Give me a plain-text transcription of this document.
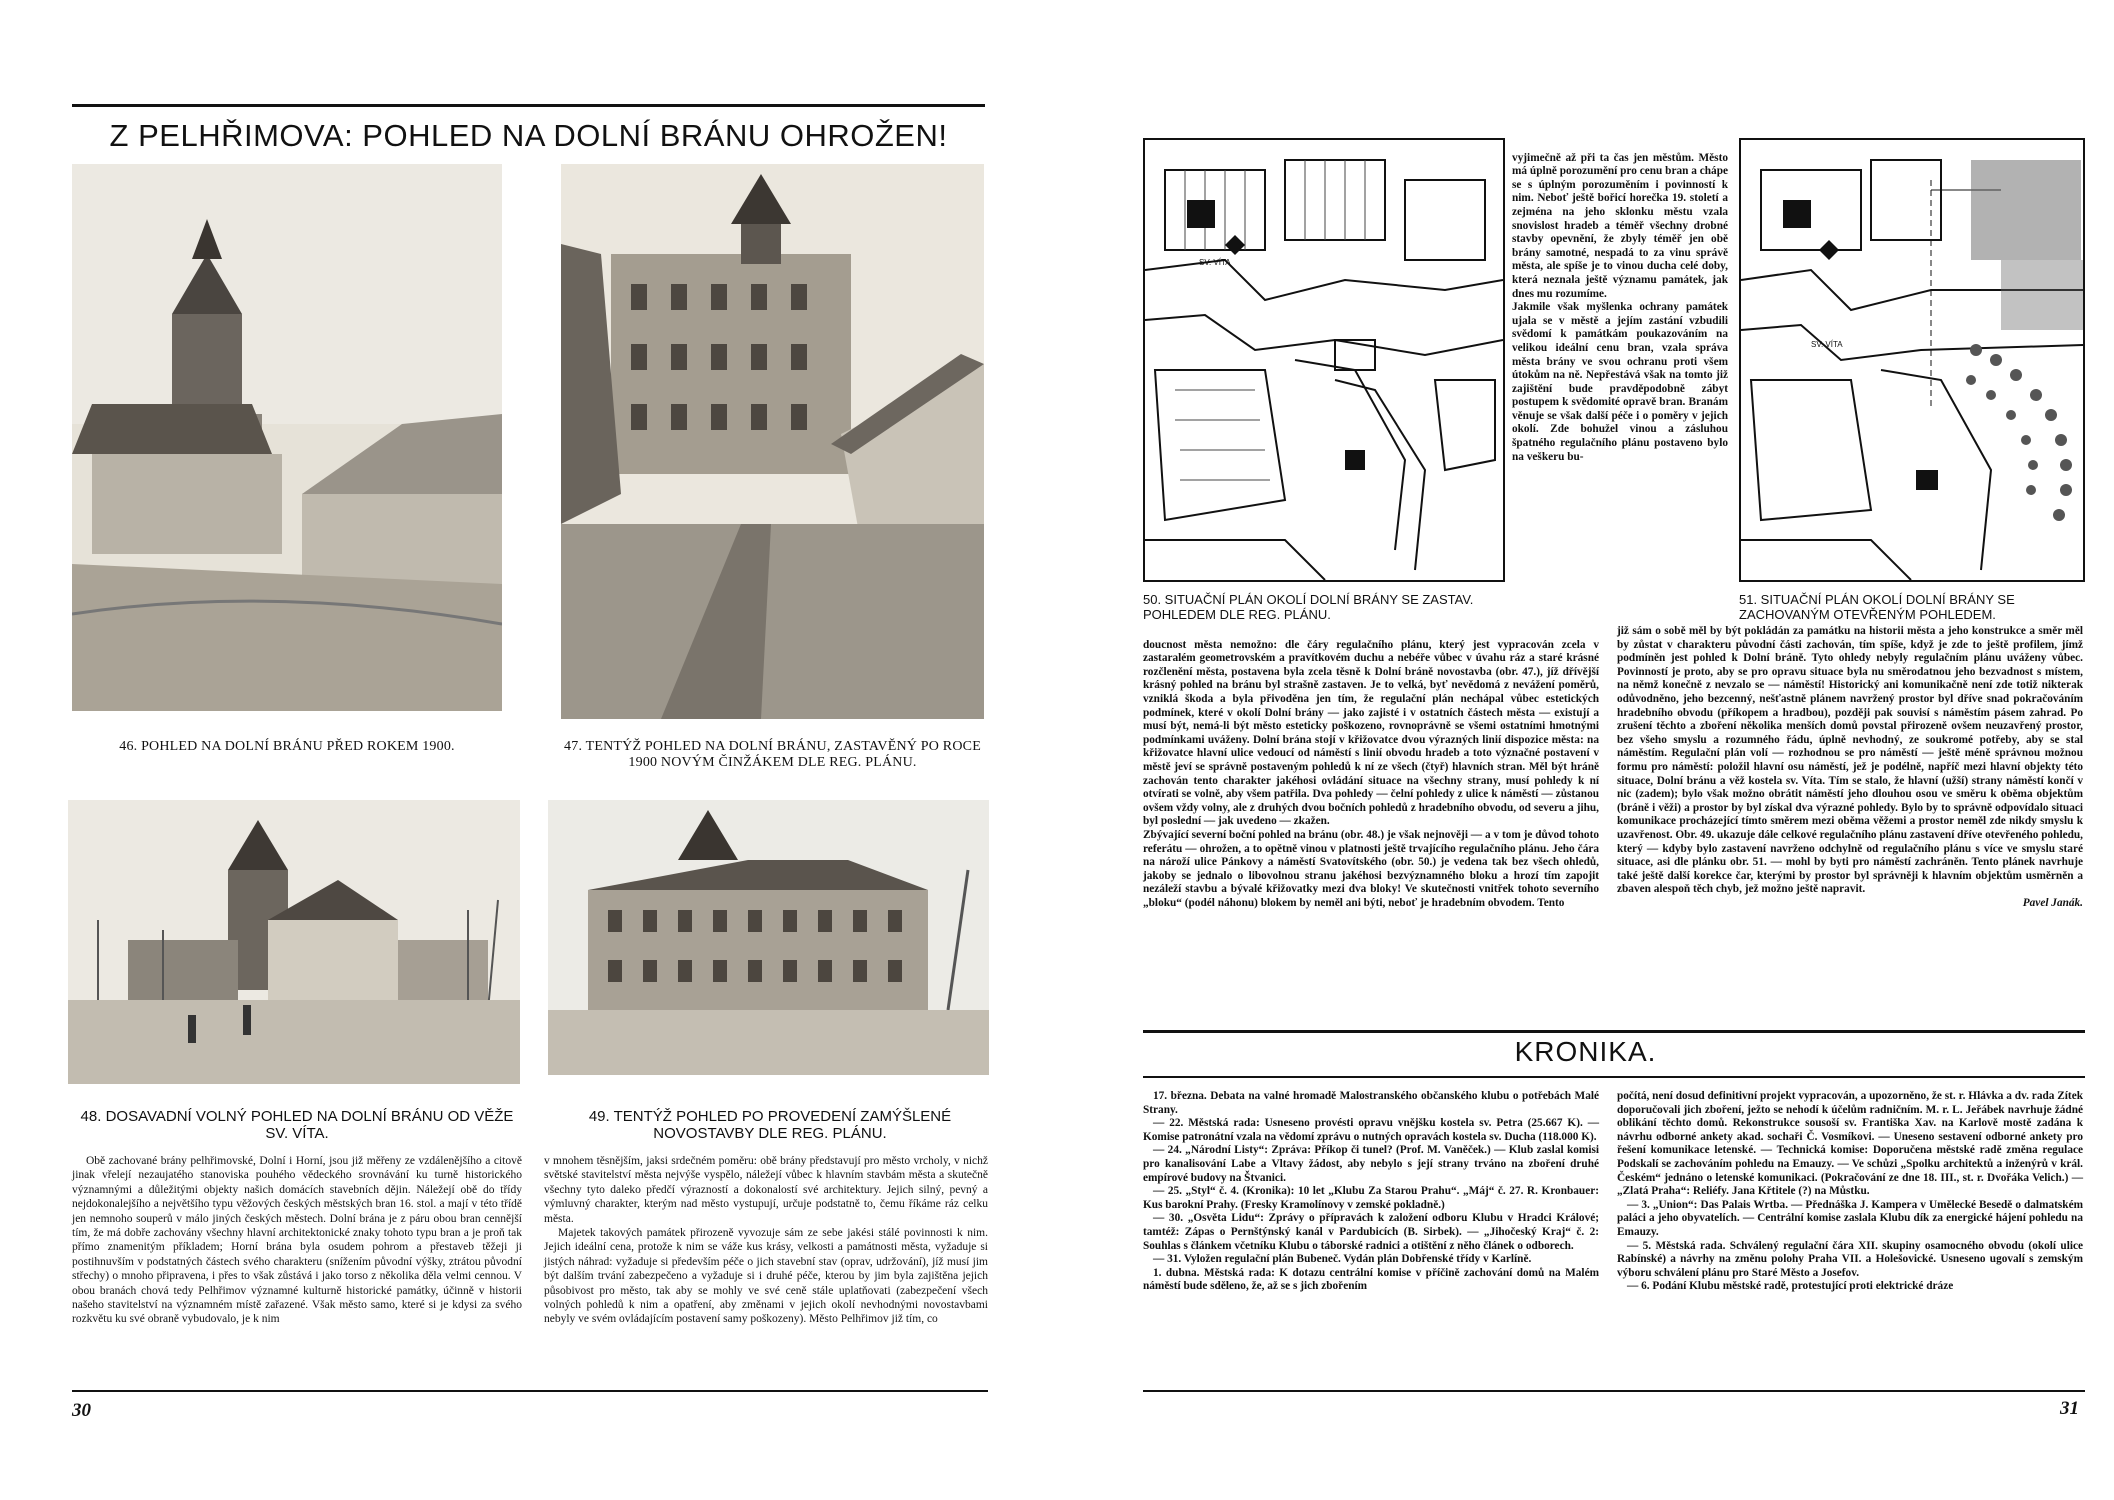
Z PELHŘIMOVA: POHLED NA DOLNÍ BRÁNU OHROŽEN!
46. POHLED NA DOLNÍ BRÁNU PŘED ROKEM 1900.	47. TENTÝŽ POHLED NA DOLNÍ BRÁNU, ZASTAVĚNÝ PO ROCE 1900 NOVÝM ČINŽÁKEM DLE REG. PLÁNU.
48. DOSAVADNÍ VOLNÝ POHLED NA DOLNÍ BRÁNU OD VĚŽE SV. VÍTA.
49. TENTÝŽ POHLED PO PROVEDENÍ ZAMÝŠLENÉ NOVOSTAVBY DLE REG. PLÁNU.

Obě zachované brány pelhřimovské, Dolní i Horní, jsou již měřeny ze vzdálenějšího a citově jinak vřelejí nezaujatého stanoviska pouhého vědeckého srovnávání ku turně historického významnými a důležitými objekty našich domácích stavebních dějin. Náležejí obě do třídy nejdokonalejšího a největšího typu věžových českých městských bran 16. stol. a mají v této třídě jen nemnoho souperů v málo jiných českých městech. Dolní brána je z páru obou bran cennější tím, že má dobře zachovány všechny hlavní architektonické znaky tohoto typu bran a je proň tak přímo znamenitým příkladem; Horní brána byla osudem pohrom a přestaveb těžeji ji postihnuvším v podstatných částech svého charakteru (snížením původní výšky, ztrátou původní střechy) o mnoho připravena, i přes to však zůstává i jako torso z několika děla velmi cennou. V obou branách chová tedy Pelhřimov významné kulturně historické památky, účinně v historii našeho stavitelství na významném místě zařazené. Však město samo, které si je kdysi za svého rozkvětu ku své obraně vybudovalo, je k nim

v mnohem těsnějším, jaksi srdečném poměru: obě brány představují pro město vrcholy, v nichž světské stavitelství města nejvýše vyspělo, náležejí vůbec k hlavním stavbám města a skutečně všechny tyto daleko předčí výrazností a dokonalostí své architektury. Jejich silný, pevný a výmluvný charakter, kterým nad město vystupují, určuje podstatně to, čemu říkáme ráz celku města.

Majetek takových památek přirozeně vyvozuje sám ze sebe jakési stálé povinnosti k nim. Jejich ideální cena, protože k nim se váže kus krásy, velkosti a památnosti města, vyžaduje si jistých náhrad: vyžaduje si především péče o jich stavební stav (oprav, udržování), jíž musí jim být dalším trvání zabezpečeno a vyžaduje si i druhé péče, kterou by jim byla zajištěna jejich působivost pro město, tak aby se mohly ve své ceně stále uplatňovati (zabezpečení všech volných pohledů k nim a opatření, aby změnami v jejich okolí nevhodnými novostavbami nebyly ve svém ovládajícím postavení samy poškozeny). Město Pelhřimov již tím, co

30
SV. VÍTA
50. SITUAČNÍ PLÁN OKOLÍ DOLNÍ BRÁNY SE ZASTAV. POHLEDEM DLE REG. PLÁNU.

vyjimečně až při ta čas jen městům. Město má úplně porozumění pro cenu bran a chápe se s úplným porozuměním i povinností k nim. Neboť ještě bořicí horečka 19. století a zejména na jeho sklonku městu vzala snovislost hradeb a téměř všechny drobné stavby opevnění, že zbyly téměř jen obě brány samotné, nespadá to za vinu správě města, ale spíše je to vinou ducha celé doby, která neznala ještě významu památek, jak dnes mu rozumíme.
Jakmile však myšlenka ochrany památek ujala se v městě a jejím zastání vzbudili svědomí k památkám poukazováním na velikou ideální cenu bran, vzala správa města brány ve svou ochranu proti všem útokům na ně. Nepřestává však na tomto již zajištění bude pravděpodobně zábyt postupem k svědomité opravě bran. Branám věnuje se však další péče i o poměry v jejich okolí. Zde bohužel vinou a zásluhou špatného regulačního plánu postaveno bylo na veškeru bu-

SV. VÍTA
51. SITUAČNÍ PLÁN OKOLÍ DOLNÍ BRÁNY SE ZACHOVANÝM OTEVŘENÝM POHLEDEM.

doucnost města nemožno: dle čáry regulačního plánu, který jest vypracován zcela v zastaralém geometrovském a pravítkovém duchu a nebéře vůbec v úvahu ráz a staré krásné rozčlenění města, postavena byla zcela těsně k Dolní bráně novostavba (obr. 47.), jíž dřívější krásný pohled na bránu byl strašně zastaven. Je to velká, byť nevědomá z nevážení poměrů, vzniklá škoda a byla přivoděna jen tím, že regulační plán nechápal vůbec estetických podmínek, které v okolí Dolní brány — jako zajisté i v ostatních částech města — existují a musí být, nemá-li být město esteticky poškozeno, rovnoprávně se všemi ostatními hmotnými podmínkami uváženy. Dolní brána stojí v křižovatce dvou výrazných linií dispozice města: na křižovatce hlavní ulice vedoucí od náměstí s linií obvodu hradeb a toto význačné postavení v městě jeví se správně postaveným pohledů k ní ze všech (čtyř) hlavních stran. Měl být hráně zachován tento charakter jakéhosi ovládání situace na všechny strany, musí pohledy k ní otvírati se volně, aby všem patřila. Dva pohledy — čelní pohledy z ulice k náměstí — zůstanou ovšem vždy volny, ale z druhých dvou bočních pohledů z hradebního obvodu, od severu a jihu, byl poslední — jak uvedeno — zkažen.
Zbývající severní boční pohled na bránu (obr. 48.) je však nejnověji — a v tom je důvod tohoto referátu — ohrožen, a to opětně vinou v platnosti ještě trvajícího regulačního plánu. Jeho čára na nároží ulice Pánkovy a náměstí Svatovítského (obr. 50.) je vedena tak bez všech ohledů, jakoby se jednalo o libovolnou stranu jakéhosi bezvýznamného bloku a hrozí tím zapojit nezáleží stavbu a bývalé křižovatky mezi dva bloky! Ve skutečnosti vnitřek tohoto severního „bloku“ (podél náhonu) blokem by neměl ani býti, neboť je hradebním obvodem. Tento

již sám o sobě měl by být pokládán za památku na historii města a jeho konstrukce a směr měl by zůstat v charakteru původní části zachován, tím spíše, když je zde to ještě profilem, jímž podmíněn jest pohled k Dolní bráně. Tyto ohledy nebyly regulačním plánu uváženy vůbec. Povinností je proto, aby se pro opravu situace byla nu směrodatnou jeho bezvadnost s místem, na němž konečně z nevzalo se — náměstí! Historický ani komunikačně není zde totiž nikterak odůvodněno, jeho bezcenný, nešťastně plánem navržený prostor byl dříve snad pokračováním hradebního obvodu (příkopem a hradbou), později pak souvisí s náměstím pásem zahrad. Po zrušení těchto a zboření několika menších domů povstal přirozeně ovšem neuzavřený prostor, bez všeho smyslu a rozumného řádu, úplně nevhodný, ze soukromé potřeby, aby se stal náměstím. Regulační plán volí — rozhodnou se pro náměstí — ještě méně správnou možnou formu pro náměstí: položil hlavní osu náměstí, jež je podélně, napříč mezi hlavní objekty této situace, Dolní bránu a věž kostela sv. Víta. Tím se stalo, že hlavní (užší) strany náměstí končí v nic (zadem); bylo však možno obrátit náměstí jeho dlouhou osou ve směru k oběma objektům (bráně i věži) a prostor by byl získal dva výrazné pohledy. Bylo by to správně odpovídalo situaci komunikace procházející tímto směrem mezi oběma věžemi a prostor neměl zde nikdy smyslu k uzavřenost. Obr. 49. ukazuje dále celkové regulačního plánu zastavení dříve otevřeného pohledu, který — kdyby bylo zastavení navrženo odchylně od regulačního plánu s více ve smyslu staré situace, asi dle plánku obr. 51. — mohl by byti pro náměstí zachráněn. Tento plánek navrhuje také ještě další korekce čar, kterými by prostor byl správněji k hlavním objektům usměrněn a zbaven alespoň těch chyb, jež možno ještě napravit.

Pavel Janák.

KRONIKA.

17. března. Debata na valné hromadě Malostranského občanského klubu o potřebách Malé Strany.

— 22. Městská rada: Usneseno provésti opravu vnějšku kostela sv. Petra (25.667 K). — Komise patronátní vzala na vědomí zprávu o nutných opravách kostela sv. Ducha (118.000 K).

— 24. „Národní Listy“: Zpráva: Příkop či tunel? (Prof. M. Vaněček.) — Klub zaslal komisi pro kanalisování Labe a Vltavy žádost, aby nebylo s její strany trváno na zboření druhé empírové budovy na Štvanici.

— 25. „Styl“ č. 4. (Kronika): 10 let „Klubu Za Starou Prahu“. „Máj“ č. 27. R. Kronbauer: Kus barokní Prahy. (Fresky Kramolínovy v zemské pokladně.)

— 30. „Osvěta Lidu“: Zprávy o přípravách k založení odboru Klubu v Hradci Králové; tamtéž: Zápas o Pernštýnský kanál v Pardubicích (B. Sirbek). — „Jihočeský Kraj“ č. 2: Souhlas s článkem včetníku Klubu o táborské radnici a otištění z něho článek o odborech.

— 31. Vyložen regulační plán Bubeneč. Vydán plán Dobřenské třídy v Karlíně.

1. dubna. Městská rada: K dotazu centrální komise v příčině zachování domů na Malém náměstí bude sděleno, že, až se s jich zbořením

počítá, není dosud definitivní projekt vypracován, a upozorněno, že st. r. Hlávka a dv. rada Zítek doporučovali jich zboření, ježto se nehodí k účelům radničním. M. r. L. Jeřábek navrhuje žádné oblikání těchto domů. Rekonstrukce sousoší sv. Františka Xav. na Karlově mostě zadána k návrhu odborné ankety akad. sochaři Č. Vosmíkovi. — Uneseno sestavení odborné ankety pro řešení komunikace letenské. — Technická komise: Doporučena městské radě změna regulace Podskalí se zachováním pohledu na Emauzy. — Ve schůzi „Spolku architektů a inženýrů v král. Českém“ jednáno o letenské komunikaci. (Pokračování ze dne 18. III., st. r. Dvořáka Velich.) — „Zlatá Praha“: Reliéfy. Jana Křtitele (?) na Můstku.

— 3. „Union“: Das Palais Wrtba. — Přednáška J. Kampera v Umělecké Besedě o dalmatském paláci a jeho obyvatelích. — Centrální komise zaslala Klubu dík za energické hájení pohledu na Emauzy.

— 5. Městská rada. Schválený regulační čára XII. skupiny osamocného obvodu (okolí ulice Rabínské) a návrhy na změnu polohy Praha VII. a Holešovické. Usneseno ugovalí s zemským výboru schválení plánu pro Staré Město a Josefov.

— 6. Podání Klubu městské radě, protestující proti elektrické dráze

31
